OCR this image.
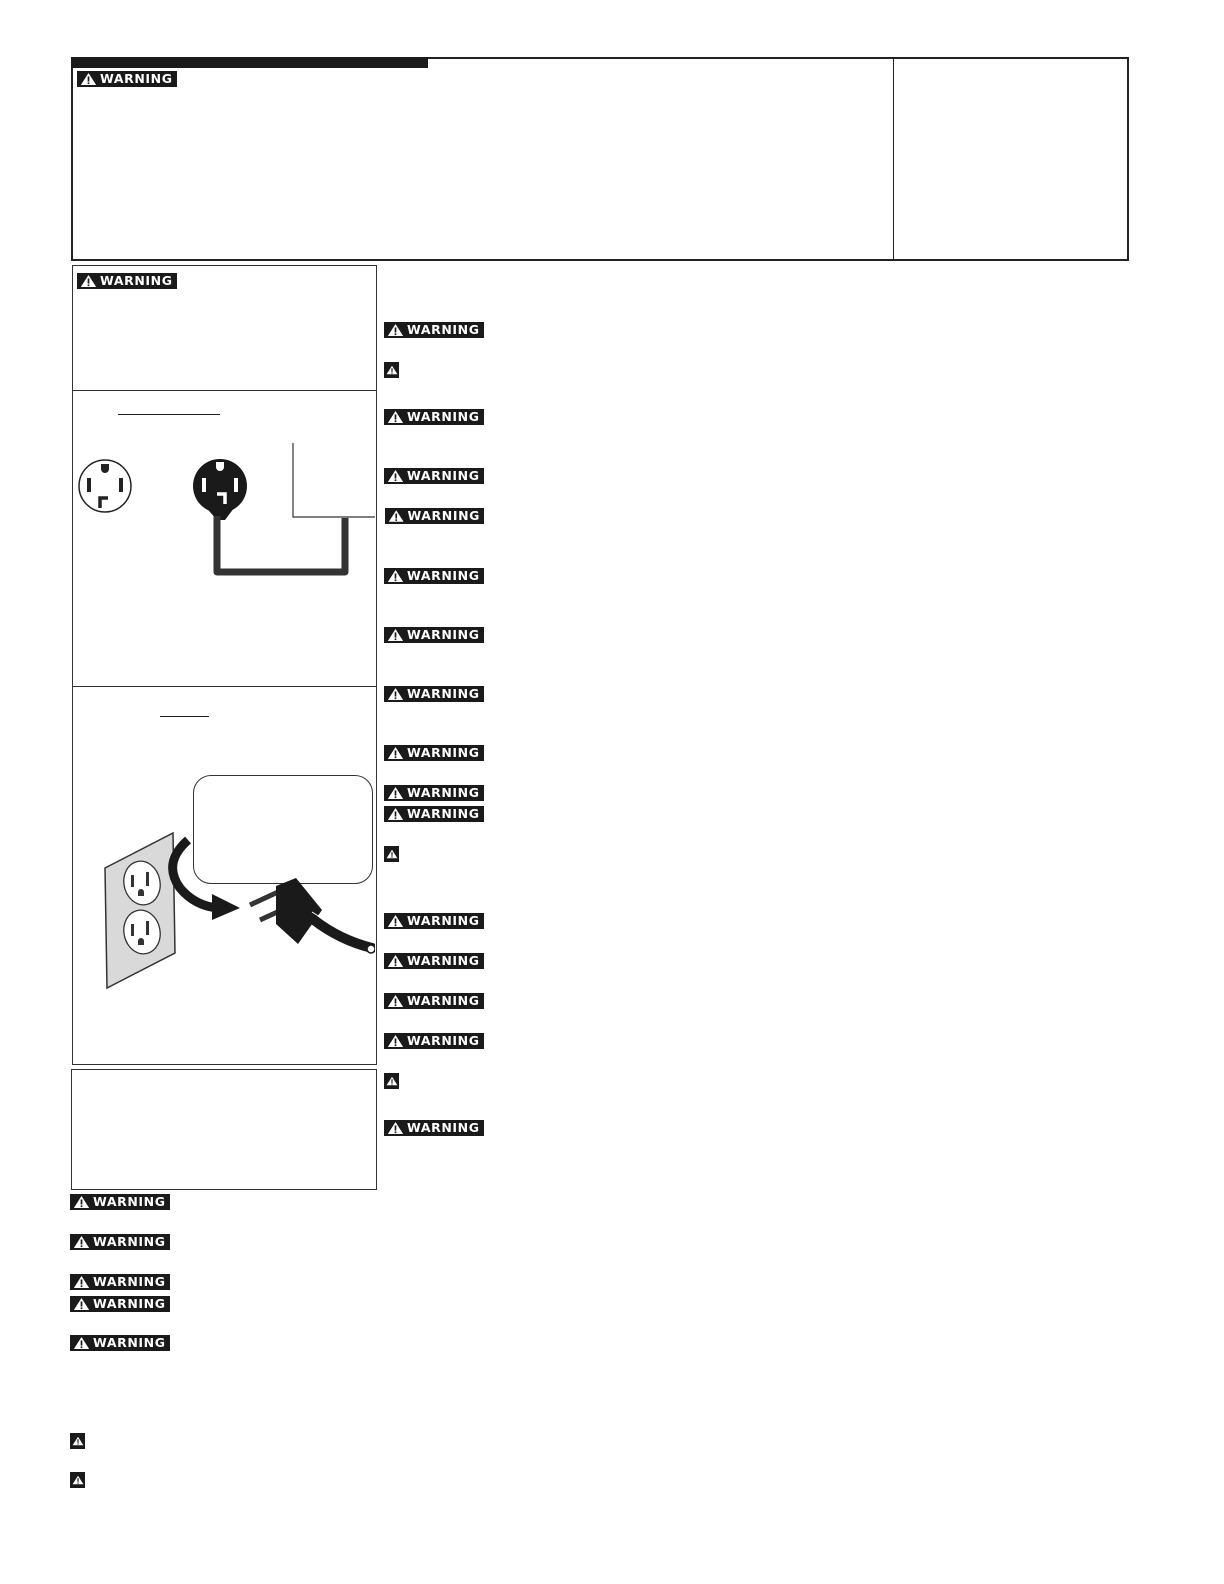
WARNING
WARNING
WARNING
WARNING
WARNING
WARNING
WARNING
WARNING
WARNING
WARNING
WARNING
WARNING
WARNING
WARNING
WARNING
WARNING
WARNING
WARNING
WARNING
WARNING
WARNING
WARNING
